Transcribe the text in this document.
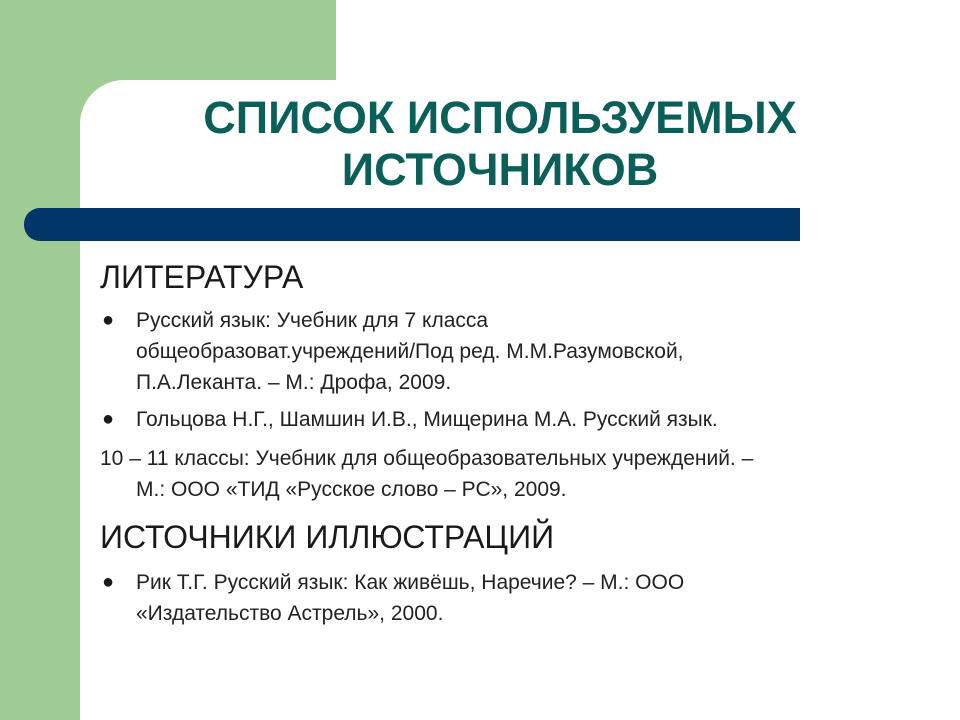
СПИСОК ИСПОЛЬЗУЕМЫХ
ИСТОЧНИКОВ
ЛИТЕРАТУРА
● Русский язык: Учебник для 7 класса
общеобразоват.учреждений/Под ред. М.М.Разумовской,
П.А.Леканта. – М.: Дрофа, 2009.
● Гольцова Н.Г., Шамшин И.В., Мищерина М.А. Русский язык.

10 – 11 классы: Учебник для общеобразовательных учреждений. –

М.: ООО «ТИД «Русское слово – РС», 2009.

ИСТОЧНИКИ ИЛЛЮСТРАЦИЙ
● Рик Т.Г. Русский язык: Как живёшь, Наречие? – М.: ООО
«Издательство Астрель», 2000.
